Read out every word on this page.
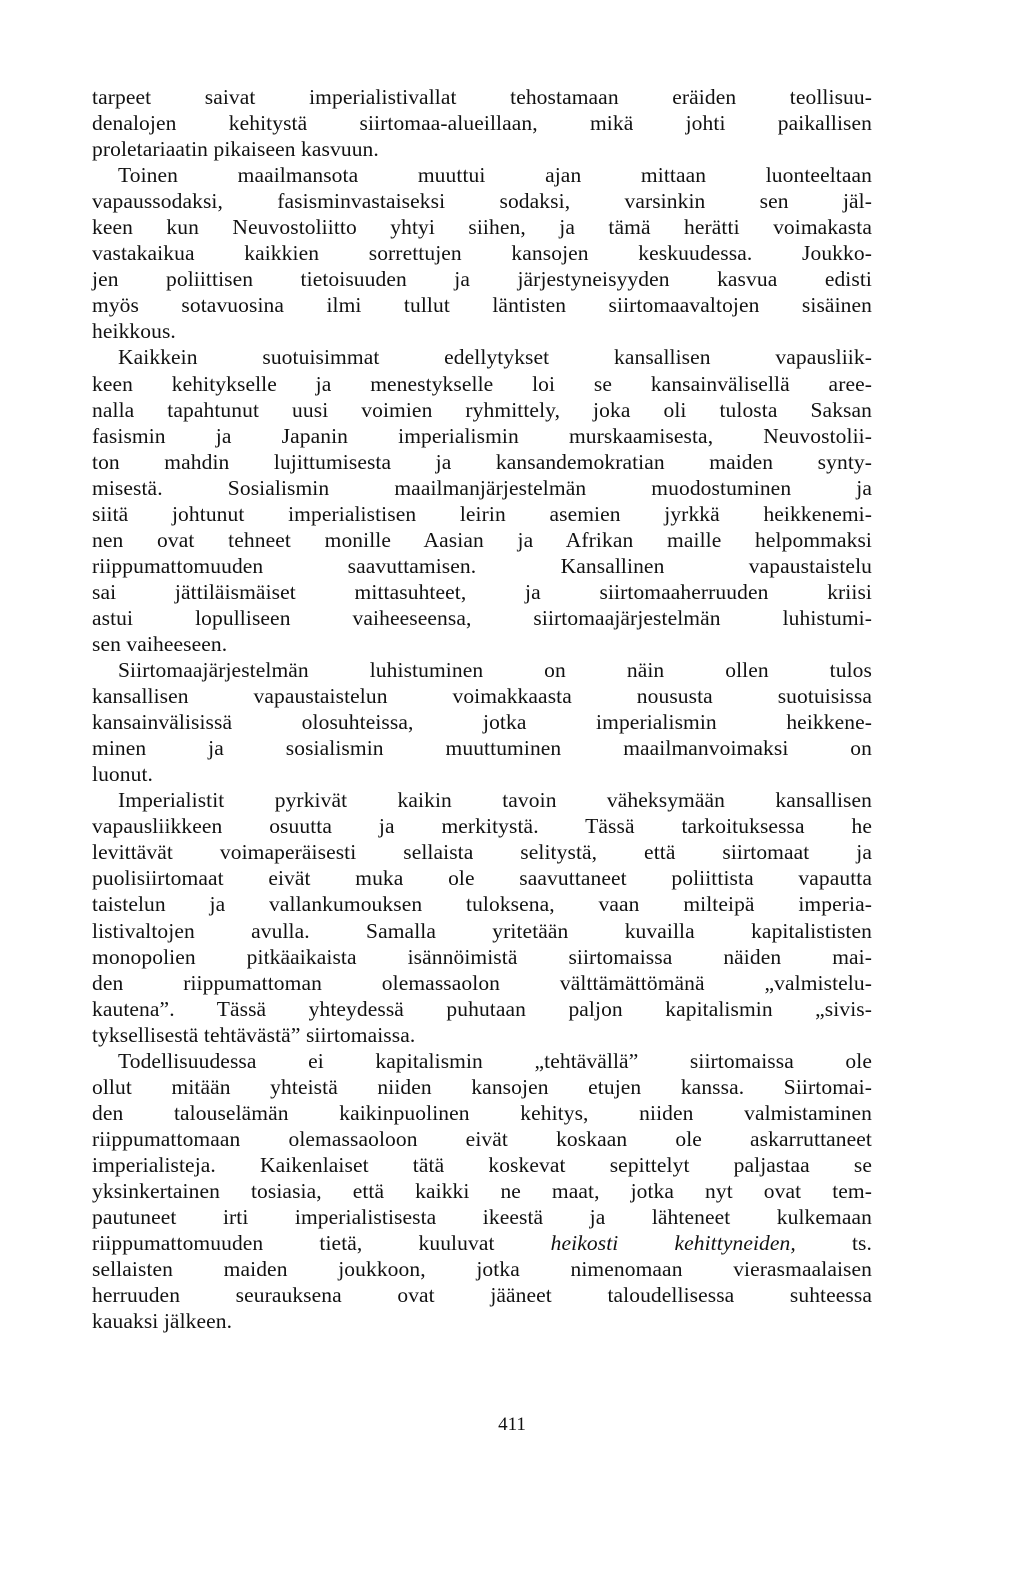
tarpeet saivat imperialistivallat tehostamaan eräiden teollisuu-
denalojen kehitystä siirtomaa-alueillaan, mikä johti paikallisen
proletariaatin pikaiseen kasvuun.
Toinen maailmansota muuttui ajan mittaan luonteeltaan
vapaussodaksi, fasisminvastaiseksi sodaksi, varsinkin sen jäl-
keen kun Neuvostoliitto yhtyi siihen, ja tämä herätti voimakasta
vastakaikua kaikkien sorrettujen kansojen keskuudessa. Joukko-
jen poliittisen tietoisuuden ja järjestyneisyyden kasvua edisti
myös sotavuosina ilmi tullut läntisten siirtomaavaltojen sisäinen
heikkous.
Kaikkein suotuisimmat edellytykset kansallisen vapausliik-
keen kehitykselle ja menestykselle loi se kansainvälisellä aree-
nalla tapahtunut uusi voimien ryhmittely, joka oli tulosta Saksan
fasismin ja Japanin imperialismin murskaamisesta, Neuvostolii-
ton mahdin lujittumisesta ja kansandemokratian maiden synty-
misestä. Sosialismin maailmanjärjestelmän muodostuminen ja
siitä johtunut imperialistisen leirin asemien jyrkkä heikkenemi-
nen ovat tehneet monille Aasian ja Afrikan maille helpommaksi
riippumattomuuden saavuttamisen. Kansallinen vapaustaistelu
sai jättiläismäiset mittasuhteet, ja siirtomaaherruuden kriisi
astui lopulliseen vaiheeseensa, siirtomaajärjestelmän luhistumi-
sen vaiheeseen.
Siirtomaajärjestelmän luhistuminen on näin ollen tulos
kansallisen vapaustaistelun voimakkaasta noususta suotuisissa
kansainvälisissä olosuhteissa, jotka imperialismin heikkene-
minen ja sosialismin muuttuminen maailmanvoimaksi on
luonut.
Imperialistit pyrkivät kaikin tavoin väheksymään kansallisen
vapausliikkeen osuutta ja merkitystä. Tässä tarkoituksessa he
levittävät voimaperäisesti sellaista selitystä, että siirtomaat ja
puolisiirtomaat eivät muka ole saavuttaneet poliittista vapautta
taistelun ja vallankumouksen tuloksena, vaan milteipä imperia-
listivaltojen avulla. Samalla yritetään kuvailla kapitalististen
monopolien pitkäaikaista isännöimistä siirtomaissa näiden mai-
den riippumattoman olemassaolon välttämättömänä „valmistelu-
kautena”. Tässä yhteydessä puhutaan paljon kapitalismin „sivis-
tyksellisestä tehtävästä” siirtomaissa.
Todellisuudessa ei kapitalismin „tehtävällä” siirtomaissa ole
ollut mitään yhteistä niiden kansojen etujen kanssa. Siirtomai-
den talouselämän kaikinpuolinen kehitys, niiden valmistaminen
riippumattomaan olemassaoloon eivät koskaan ole askarruttaneet
imperialisteja. Kaikenlaiset tätä koskevat sepittelyt paljastaa se
yksinkertainen tosiasia, että kaikki ne maat, jotka nyt ovat tem-
pautuneet irti imperialistisesta ikeestä ja lähteneet kulkemaan
riippumattomuuden tietä, kuuluvat heikosti kehittyneiden, ts.
sellaisten maiden joukkoon, jotka nimenomaan vierasmaalaisen
herruuden seurauksena ovat jääneet taloudellisessa suhteessa
kauaksi jälkeen.
411
